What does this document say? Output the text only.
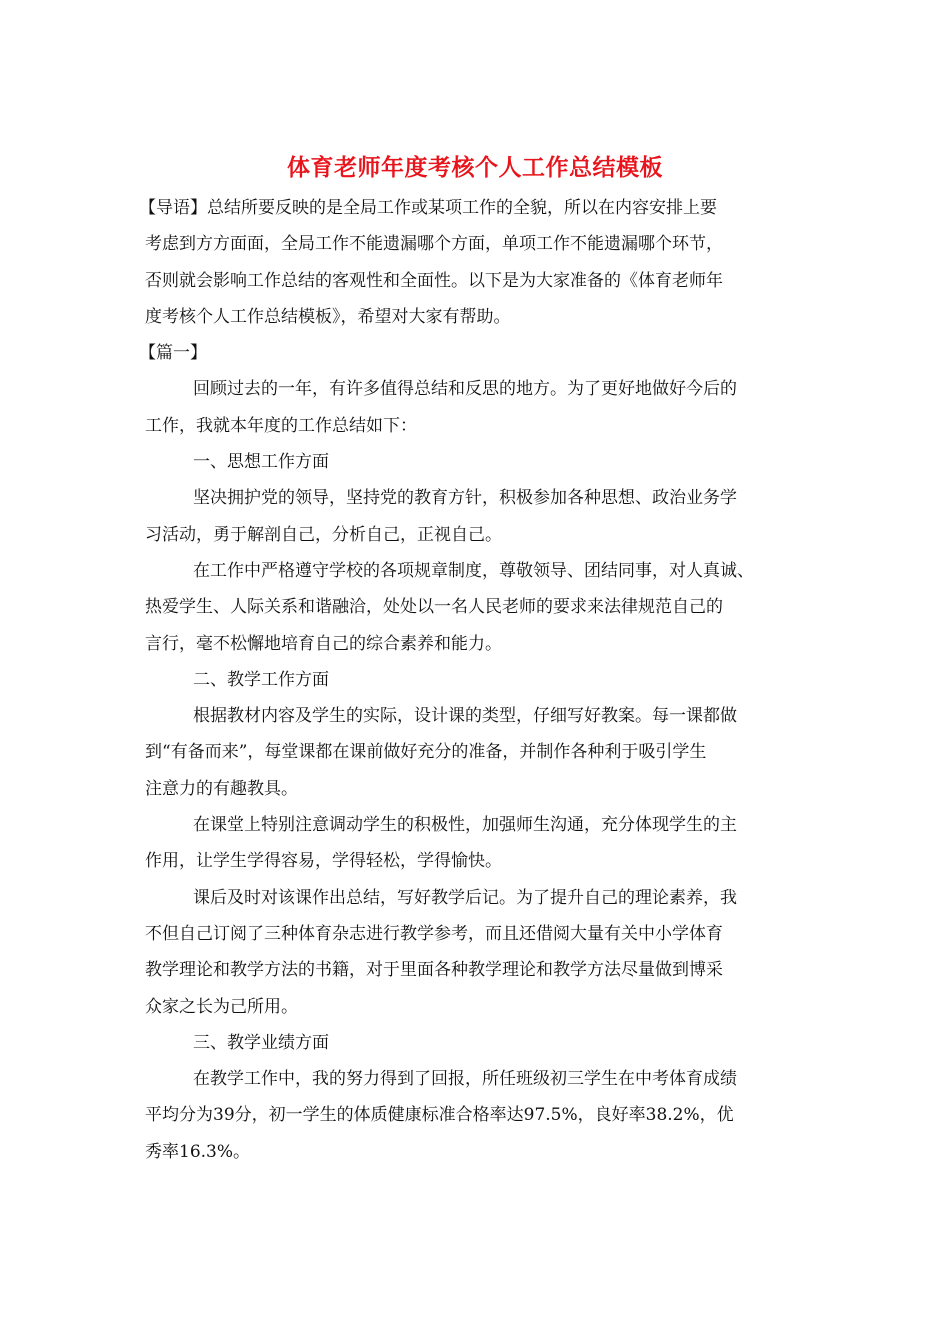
体育老师年度考核个人工作总结模板
【导语】总结所要反映的是全局工作或某项工作的全貌，所以在内容安排上要
考虑到方方面面，全局工作不能遗漏哪个方面，单项工作不能遗漏哪个环节，
否则就会影响工作总结的客观性和全面性。以下是为大家准备的《体育老师年
度考核个人工作总结模板》，希望对大家有帮助。
【篇一】
回顾过去的一年，有许多值得总结和反思的地方。为了更好地做好今后的
工作，我就本年度的工作总结如下：
一、思想工作方面
坚决拥护党的领导，坚持党的教育方针，积极参加各种思想、政治业务学
习活动，勇于解剖自己，分析自己，正视自己。
在工作中严格遵守学校的各项规章制度，尊敬领导、团结同事，对人真诚、
热爱学生、人际关系和谐融洽，处处以一名人民老师的要求来法律规范自己的
言行，毫不松懈地培育自己的综合素养和能力。
二、教学工作方面
根据教材内容及学生的实际，设计课的类型，仔细写好教案。每一课都做
到“有备而来”，每堂课都在课前做好充分的准备，并制作各种利于吸引学生
注意力的有趣教具。
在课堂上特别注意调动学生的积极性，加强师生沟通，充分体现学生的主
作用，让学生学得容易，学得轻松，学得愉快。
课后及时对该课作出总结，写好教学后记。为了提升自己的理论素养，我
不但自己订阅了三种体育杂志进行教学参考，而且还借阅大量有关中小学体育
教学理论和教学方法的书籍，对于里面各种教学理论和教学方法尽量做到博采
众家之长为己所用。
三、教学业绩方面
在教学工作中，我的努力得到了回报，所任班级初三学生在中考体育成绩
平均分为39分，初一学生的体质健康标准合格率达97.5%，良好率38.2%，优
秀率16.3%。
